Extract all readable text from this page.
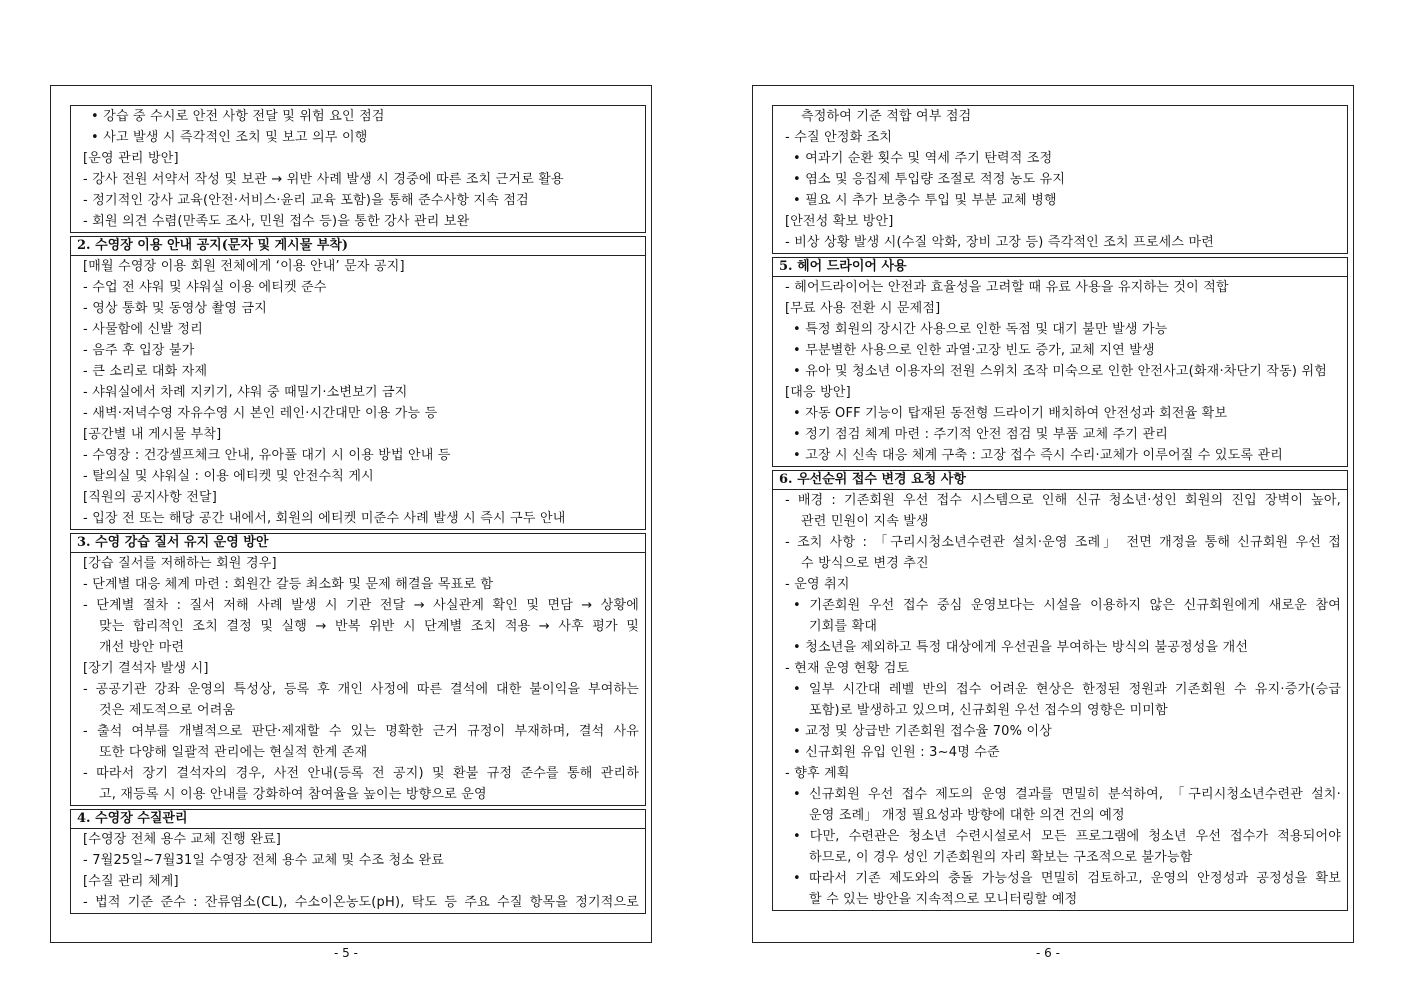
• 강습 중 수시로 안전 사항 전달 및 위험 요인 점검
• 사고 발생 시 즉각적인 조치 및 보고 의무 이행
[운영 관리 방안]
- 강사 전원 서약서 작성 및 보관 → 위반 사례 발생 시 경중에 따른 조치 근거로 활용
- 정기적인 강사 교육(안전·서비스·윤리 교육 포함)을 통해 준수사항 지속 점검
- 회원 의견 수렴(만족도 조사, 민원 접수 등)을 통한 강사 관리 보완
2. 수영장 이용 안내 공지(문자 및 게시물 부착)
[매월 수영장 이용 회원 전체에게 ‘이용 안내’ 문자 공지]
- 수업 전 샤워 및 샤워실 이용 에티켓 준수
- 영상 통화 및 동영상 촬영 금지
- 사물함에 신발 정리
- 음주 후 입장 불가
- 큰 소리로 대화 자제
- 샤워실에서 차례 지키기, 샤워 중 때밀기·소변보기 금지
- 새벽·저녁수영 자유수영 시 본인 레인·시간대만 이용 가능 등
[공간별 내 게시물 부착]
- 수영장 : 건강셀프체크 안내, 유아풀 대기 시 이용 방법 안내 등
- 탈의실 및 샤워실 : 이용 에티켓 및 안전수칙 게시
[직원의 공지사항 전달]
- 입장 전 또는 해당 공간 내에서, 회원의 에티켓 미준수 사례 발생 시 즉시 구두 안내
3. 수영 강습 질서 유지 운영 방안
[강습 질서를 저해하는 회원 경우]
- 단계별 대응 체계 마련 : 회원간 갈등 최소화 및 문제 해결을 목표로 함
- 단계별 절차 : 질서 저해 사례 발생 시 기관 전달 → 사실관계 확인 및 면담 → 상황에
맞는 합리적인 조치 결정 및 실행 → 반복 위반 시 단계별 조치 적용 → 사후 평가 및
개선 방안 마련
[장기 결석자 발생 시]
- 공공기관 강좌 운영의 특성상, 등록 후 개인 사정에 따른 결석에 대한 불이익을 부여하는
것은 제도적으로 어려움
- 출석 여부를 개별적으로 판단·제재할 수 있는 명확한 근거 규정이 부재하며, 결석 사유
또한 다양해 일괄적 관리에는 현실적 한계 존재
- 따라서 장기 결석자의 경우, 사전 안내(등록 전 공지) 및 환불 규정 준수를 통해 관리하
고, 재등록 시 이용 안내를 강화하여 참여율을 높이는 방향으로 운영
4. 수영장 수질관리
[수영장 전체 용수 교체 진행 완료]
- 7월25일~7월31일 수영장 전체 용수 교체 및 수조 청소 완료
[수질 관리 체계]
- 법적 기준 준수 : 잔류염소(CL), 수소이온농도(pH), 탁도 등 주요 수질 항목을 정기적으로
- 5 -
측정하여 기준 적합 여부 점검
- 수질 안정화 조치
• 여과기 순환 횟수 및 역세 주기 탄력적 조정
• 염소 및 응집제 투입량 조절로 적정 농도 유지
• 필요 시 추가 보충수 투입 및 부분 교체 병행
[안전성 확보 방안]
- 비상 상황 발생 시(수질 악화, 장비 고장 등) 즉각적인 조치 프로세스 마련
5. 헤어 드라이어 사용
- 헤어드라이어는 안전과 효율성을 고려할 때 유료 사용을 유지하는 것이 적합
[무료 사용 전환 시 문제점]
• 특정 회원의 장시간 사용으로 인한 독점 및 대기 불만 발생 가능
• 무분별한 사용으로 인한 과열·고장 빈도 증가, 교체 지연 발생
• 유아 및 청소년 이용자의 전원 스위치 조작 미숙으로 인한 안전사고(화재·차단기 작동) 위험
[대응 방안]
• 자동 OFF 기능이 탑재된 동전형 드라이기 배치하여 안전성과 회전율 확보
• 정기 점검 체계 마련 : 주기적 안전 점검 및 부품 교체 주기 관리
• 고장 시 신속 대응 체계 구축 : 고장 접수 즉시 수리·교체가 이루어질 수 있도록 관리
6. 우선순위 접수 변경 요청 사항
- 배경 : 기존회원 우선 접수 시스템으로 인해 신규 청소년·성인 회원의 진입 장벽이 높아,
관련 민원이 지속 발생
- 조치 사항 : 「구리시청소년수련관 설치·운영 조례」 전면 개정을 통해 신규회원 우선 접
수 방식으로 변경 추진
- 운영 취지
• 기존회원 우선 접수 중심 운영보다는 시설을 이용하지 않은 신규회원에게 새로운 참여
기회를 확대
• 청소년을 제외하고 특정 대상에게 우선권을 부여하는 방식의 불공정성을 개선
- 현재 운영 현황 검토
• 일부 시간대 레벨 반의 접수 어려운 현상은 한정된 정원과 기존회원 수 유지·증가(승급
포함)로 발생하고 있으며, 신규회원 우선 접수의 영향은 미미함
• 교정 및 상급반 기존회원 접수율 70% 이상
• 신규회원 유입 인원 : 3~4명 수준
- 향후 계획
• 신규회원 우선 접수 제도의 운영 결과를 면밀히 분석하여, 「구리시청소년수련관 설치·
운영 조례」 개정 필요성과 방향에 대한 의견 건의 예정
• 다만, 수련관은 청소년 수련시설로서 모든 프로그램에 청소년 우선 접수가 적용되어야
하므로, 이 경우 성인 기존회원의 자리 확보는 구조적으로 불가능함
• 따라서 기존 제도와의 충돌 가능성을 면밀히 검토하고, 운영의 안정성과 공정성을 확보
할 수 있는 방안을 지속적으로 모니터링할 예정
- 6 -
